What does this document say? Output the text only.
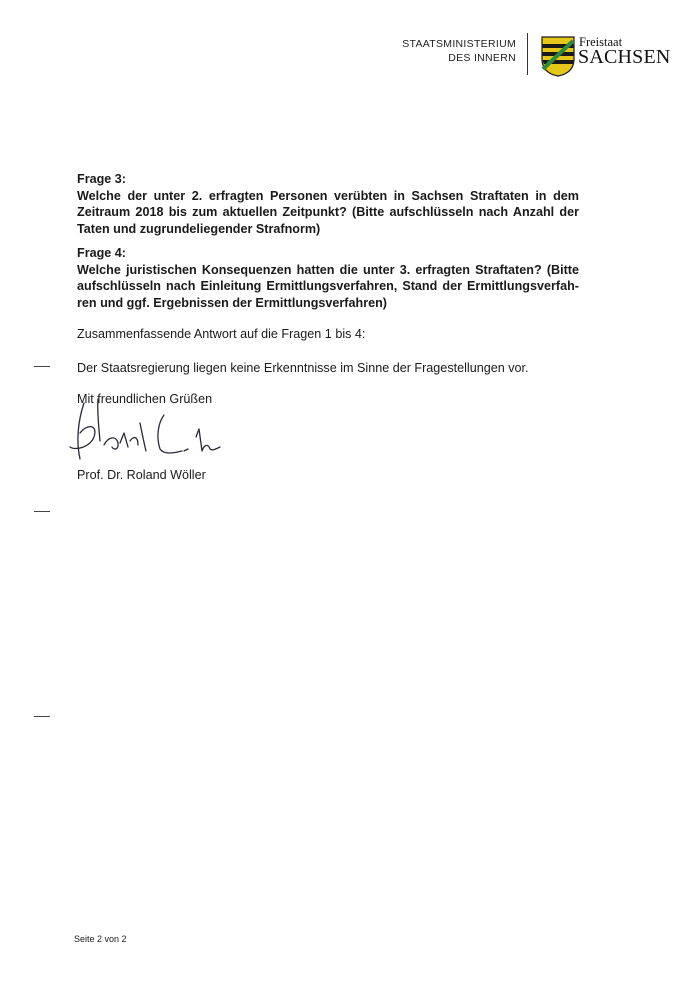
STAATSMINISTERIUM
DES INNERN
Freistaat
SACHSEN
Frage 3:
Welche der unter 2. erfragten Personen verübten in Sachsen Straftaten in dem
Zeitraum 2018 bis zum aktuellen Zeitpunkt? (Bitte aufschlüsseln nach Anzahl der
Taten und zugrundeliegender Strafnorm)
Frage 4:
Welche juristischen Konsequenzen hatten die unter 3. erfragten Straftaten? (Bitte
aufschlüsseln nach Einleitung Ermittlungsverfahren, Stand der Ermittlungsverfah-
ren und ggf. Ergebnissen der Ermittlungsverfahren)
Zusammenfassende Antwort auf die Fragen 1 bis 4:
Der Staatsregierung liegen keine Erkenntnisse im Sinne der Fragestellungen vor.
Mit freundlichen Grüßen
Prof. Dr. Roland Wöller
Seite 2 von 2
